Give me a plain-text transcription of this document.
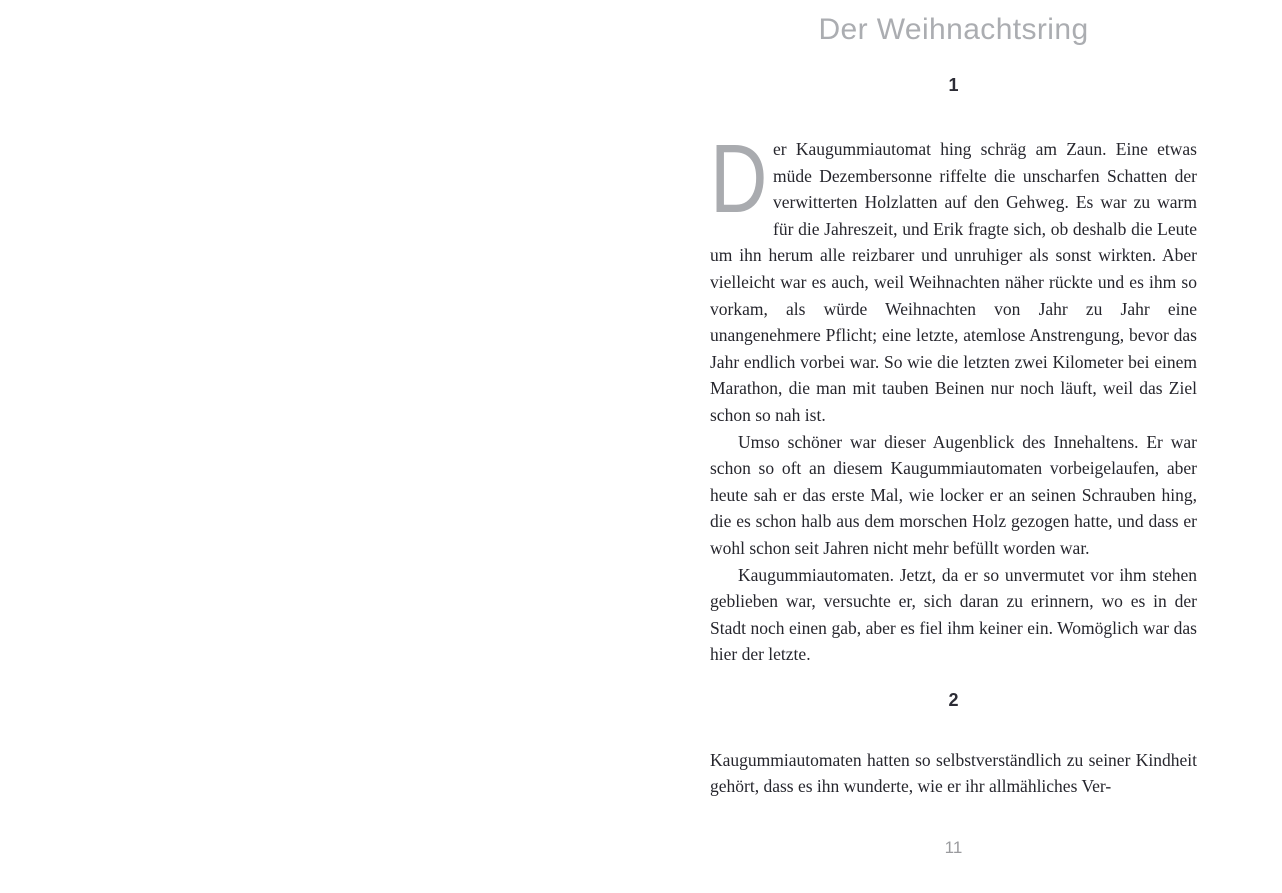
Der Weihnachtsring
1

Der Kaugummiautomat hing schräg am Zaun. Eine etwas müde Dezembersonne riffelte die unscharfen Schatten der verwitterten Holzlatten auf den Gehweg. Es war zu warm für die Jahreszeit, und Erik fragte sich, ob deshalb die Leute um ihn herum alle reizbarer und unruhiger als sonst wirkten. Aber vielleicht war es auch, weil Weihnachten näher rückte und es ihm so vorkam, als würde Weihnachten von Jahr zu Jahr eine unangenehmere Pflicht; eine letzte, atemlose Anstrengung, bevor das Jahr endlich vorbei war. So wie die letzten zwei Kilometer bei einem Marathon, die man mit tauben Beinen nur noch läuft, weil das Ziel schon so nah ist.

Umso schöner war dieser Augenblick des Innehaltens. Er war schon so oft an diesem Kaugummiautomaten vorbeigelaufen, aber heute sah er das erste Mal, wie locker er an seinen Schrauben hing, die es schon halb aus dem morschen Holz gezogen hatte, und dass er wohl schon seit Jahren nicht mehr befüllt worden war.

Kaugummiautomaten. Jetzt, da er so unvermutet vor ihm stehen geblieben war, versuchte er, sich daran zu erinnern, wo es in der Stadt noch einen gab, aber es fiel ihm keiner ein. Womöglich war das hier der letzte.

2

Kaugummiautomaten hatten so selbstverständlich zu seiner Kindheit gehört, dass es ihn wunderte, wie er ihr allmähliches Ver-

11
